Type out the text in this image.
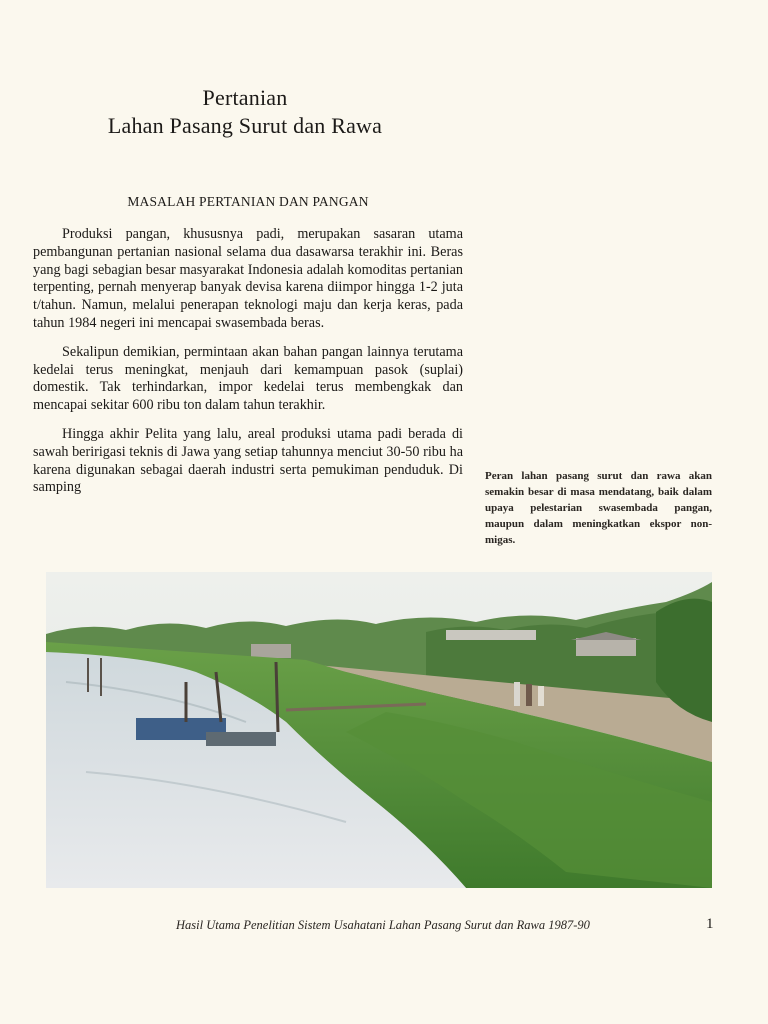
Pertanian
Lahan Pasang Surut dan Rawa
MASALAH PERTANIAN DAN PANGAN

Produksi pangan, khususnya padi, merupakan sasaran utama pembangunan pertanian nasional selama dua dasawarsa terakhir ini. Beras yang bagi sebagian besar masyarakat Indonesia adalah komoditas pertanian terpenting, pernah menyerap banyak devisa karena diimpor hingga 1-2 juta t/tahun. Namun, melalui penerapan teknologi maju dan kerja keras, pada tahun 1984 negeri ini mencapai swasembada beras.

Sekalipun demikian, permintaan akan bahan pangan lainnya terutama kedelai terus meningkat, menjauh dari kemampuan pasok (suplai) domestik. Tak terhindarkan, impor kedelai terus membengkak dan mencapai sekitar 600 ribu ton dalam tahun terakhir.

Hingga akhir Pelita yang lalu, areal produksi utama padi berada di sawah beririgasi teknis di Jawa yang setiap tahunnya menciut 30-50 ribu ha karena digunakan sebagai daerah industri serta pemukiman penduduk. Di samping

Peran lahan pasang surut dan rawa akan semakin besar di masa mendatang, baik dalam upaya pelestarian swasembada pangan, maupun dalam meningkatkan ekspor non-migas.
Hasil Utama Penelitian Sistem Usahatani Lahan Pasang Surut dan Rawa 1987-90	1
